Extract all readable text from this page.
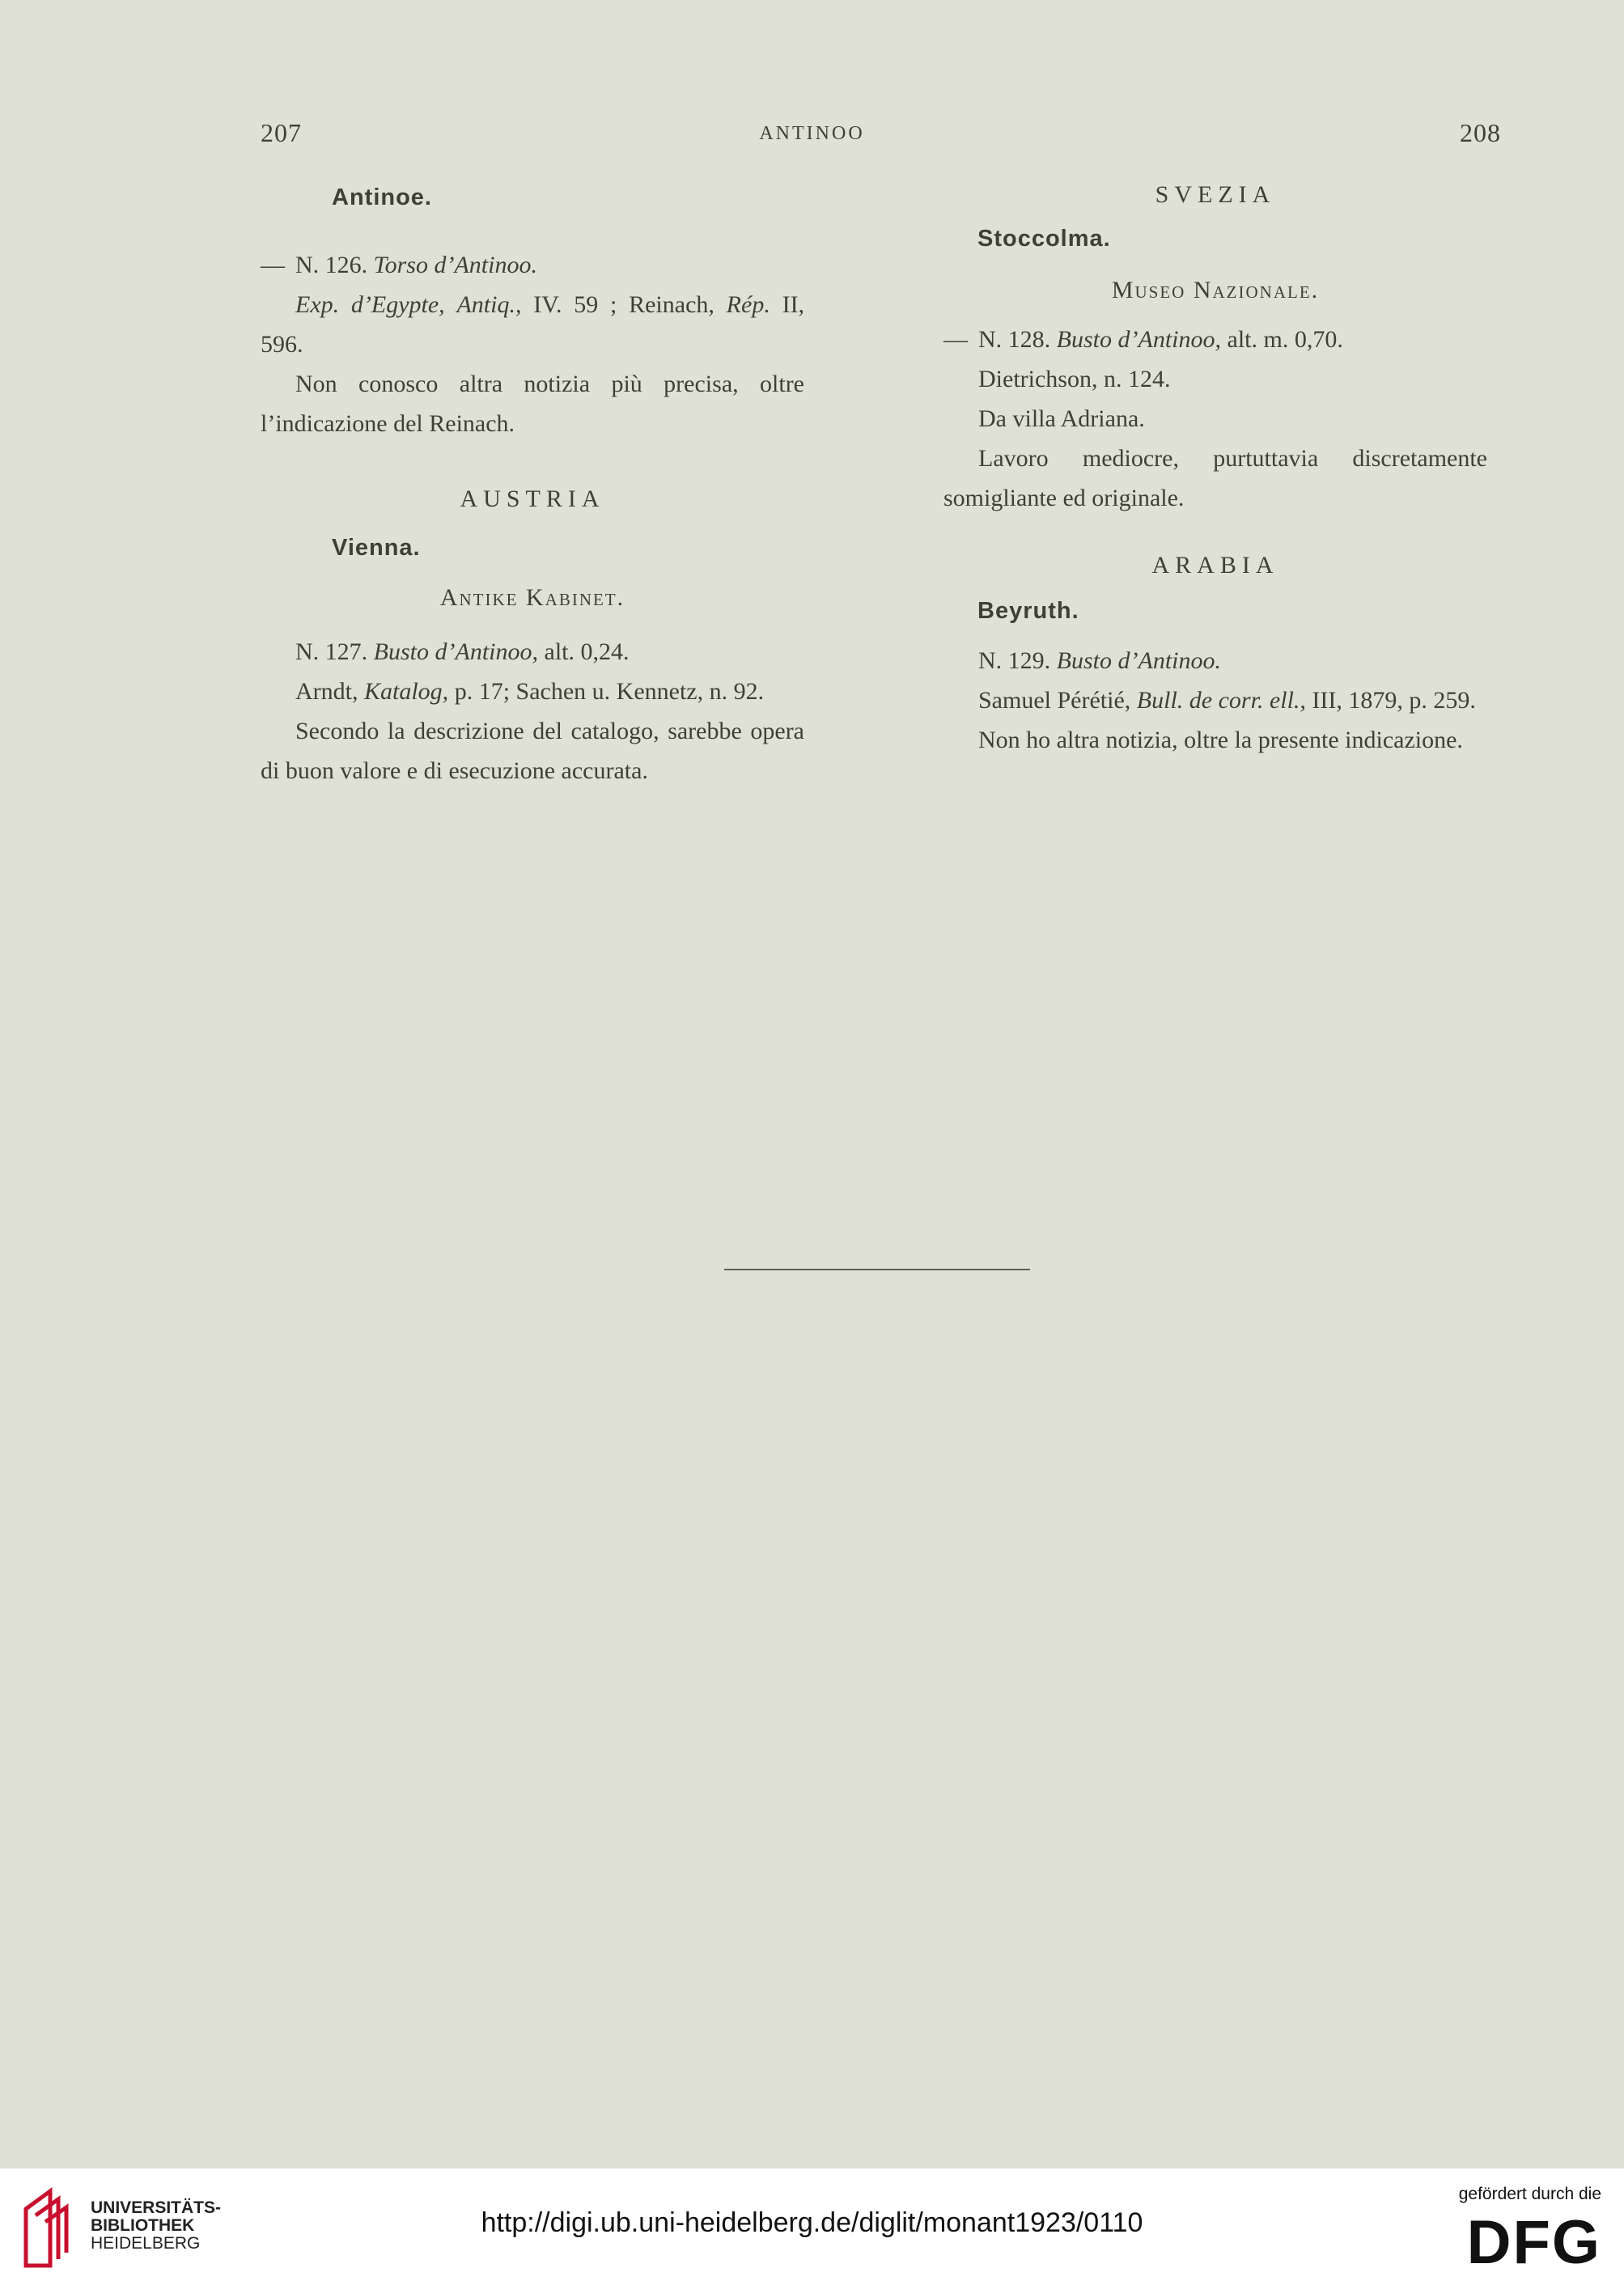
207	ANTINOO	208

Antinoe.

— N. 126. Torso d’Antinoo.

Exp. d’Egypte, Antiq., IV. 59 ; Reinach, Rép. II, 596.

Non conosco altra notizia più precisa, oltre l’indicazione del Reinach.

AUSTRIA

Vienna.

Antike Kabinet.

N. 127. Busto d’Antinoo, alt. 0,24.

Arndt, Katalog, p. 17; Sachen u. Kennetz, n. 92.

Secondo la descrizione del catalogo, sarebbe opera di buon valore e di esecuzione accurata.

SVEZIA

Stoccolma.

Museo Nazionale.

— N. 128. Busto d’Antinoo, alt. m. 0,70.

Dietrichson, n. 124.

Da villa Adriana.

Lavoro mediocre, purtuttavia discretamente somigliante ed originale.

ARABIA

Beyruth.

N. 129. Busto d’Antinoo.

Samuel Pérétié, Bull. de corr. ell., III, 1879, p. 259.

Non ho altra notizia, oltre la presente indicazione.

UNIVERSITÄTS-
BIBLIOTHEK
HEIDELBERG
http://digi.ub.uni-heidelberg.de/diglit/monant1923/0110
gefördert durch die
DFG
